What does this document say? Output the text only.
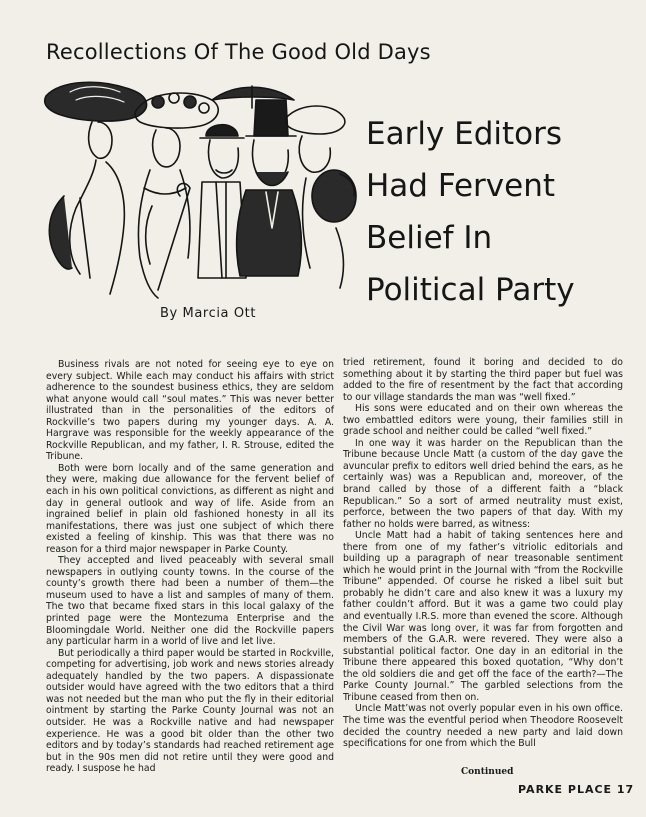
Recollections Of The Good Old Days
Early Editors
Had Fervent
Belief In
Political Party
By Marcia Ott

Business rivals are not noted for seeing eye to eye on every subject. While each may conduct his affairs with strict adherence to the soundest business ethics, they are seldom what anyone would call “soul mates.” This was never better illustrated than in the personalities of the editors of Rockville’s two papers during my younger days. A. A. Hargrave was responsible for the weekly appearance of the Rockville Republican, and my father, I. R. Strouse, edited the Tribune.

Both were born locally and of the same generation and they were, making due allowance for the fervent belief of each in his own political convictions, as different as night and day in general outlook and way of life. Aside from an ingrained belief in plain old fashioned honesty in all its manifestations, there was just one subject of which there existed a feeling of kinship. This was that there was no reason for a third major newspaper in Parke County.

They accepted and lived peaceably with several small newspapers in outlying county towns. In the course of the county’s growth there had been a number of them—the museum used to have a list and samples of many of them. The two that became fixed stars in this local galaxy of the printed page were the Montezuma Enterprise and the Bloomingdale World. Neither one did the Rockville papers any particular harm in a world of live and let live.

But periodically a third paper would be started in Rockville, competing for advertising, job work and news stories already adequately handled by the two papers. A dispassionate outsider would have agreed with the two editors that a third was not needed but the man who put the fly in their editorial ointment by starting the Parke County Journal was not an outsider. He was a Rockville native and had newspaper experience. He was a good bit older than the other two editors and by today’s standards had reached retirement age but in the 90s men did not retire until they were good and ready. I suspose he had

tried retirement, found it boring and decided to do something about it by starting the third paper but fuel was added to the fire of resentment by the fact that according to our village standards the man was “well fixed.”

His sons were educated and on their own whereas the two embattled editors were young, their families still in grade school and neither could be called “well fixed.”

In one way it was harder on the Republican than the Tribune because Uncle Matt (a custom of the day gave the avuncular prefix to editors well dried behind the ears, as he certainly was) was a Republican and, moreover, of the brand called by those of a different faith a “black Republican.” So a sort of armed neutrality must exist, perforce, between the two papers of that day. With my father no holds were barred, as witness:

Uncle Matt had a habit of taking sentences here and there from one of my father’s vitriolic editorials and building up a paragraph of near treasonable sentiment which he would print in the Journal with “from the Rockville Tribune” appended. Of course he risked a libel suit but probably he didn’t care and also knew it was a luxury my father couldn’t afford. But it was a game two could play and eventually I.R.S. more than evened the score. Although the Civil War was long over, it was far from forgotten and members of the G.A.R. were revered. They were also a substantial political factor. One day in an editorial in the Tribune there appeared this boxed quotation, “Why don’t the old soldiers die and get off the face of the earth?—The Parke County Journal.” The garbled selections from the Tribune ceased from then on.

Uncle Matt’was not overly popular even in his own office. The time was the eventful period when Theodore Roosevelt decided the country needed a new party and laid down specifications for one from which the Bull

Continued
PARKE PLACE 17
